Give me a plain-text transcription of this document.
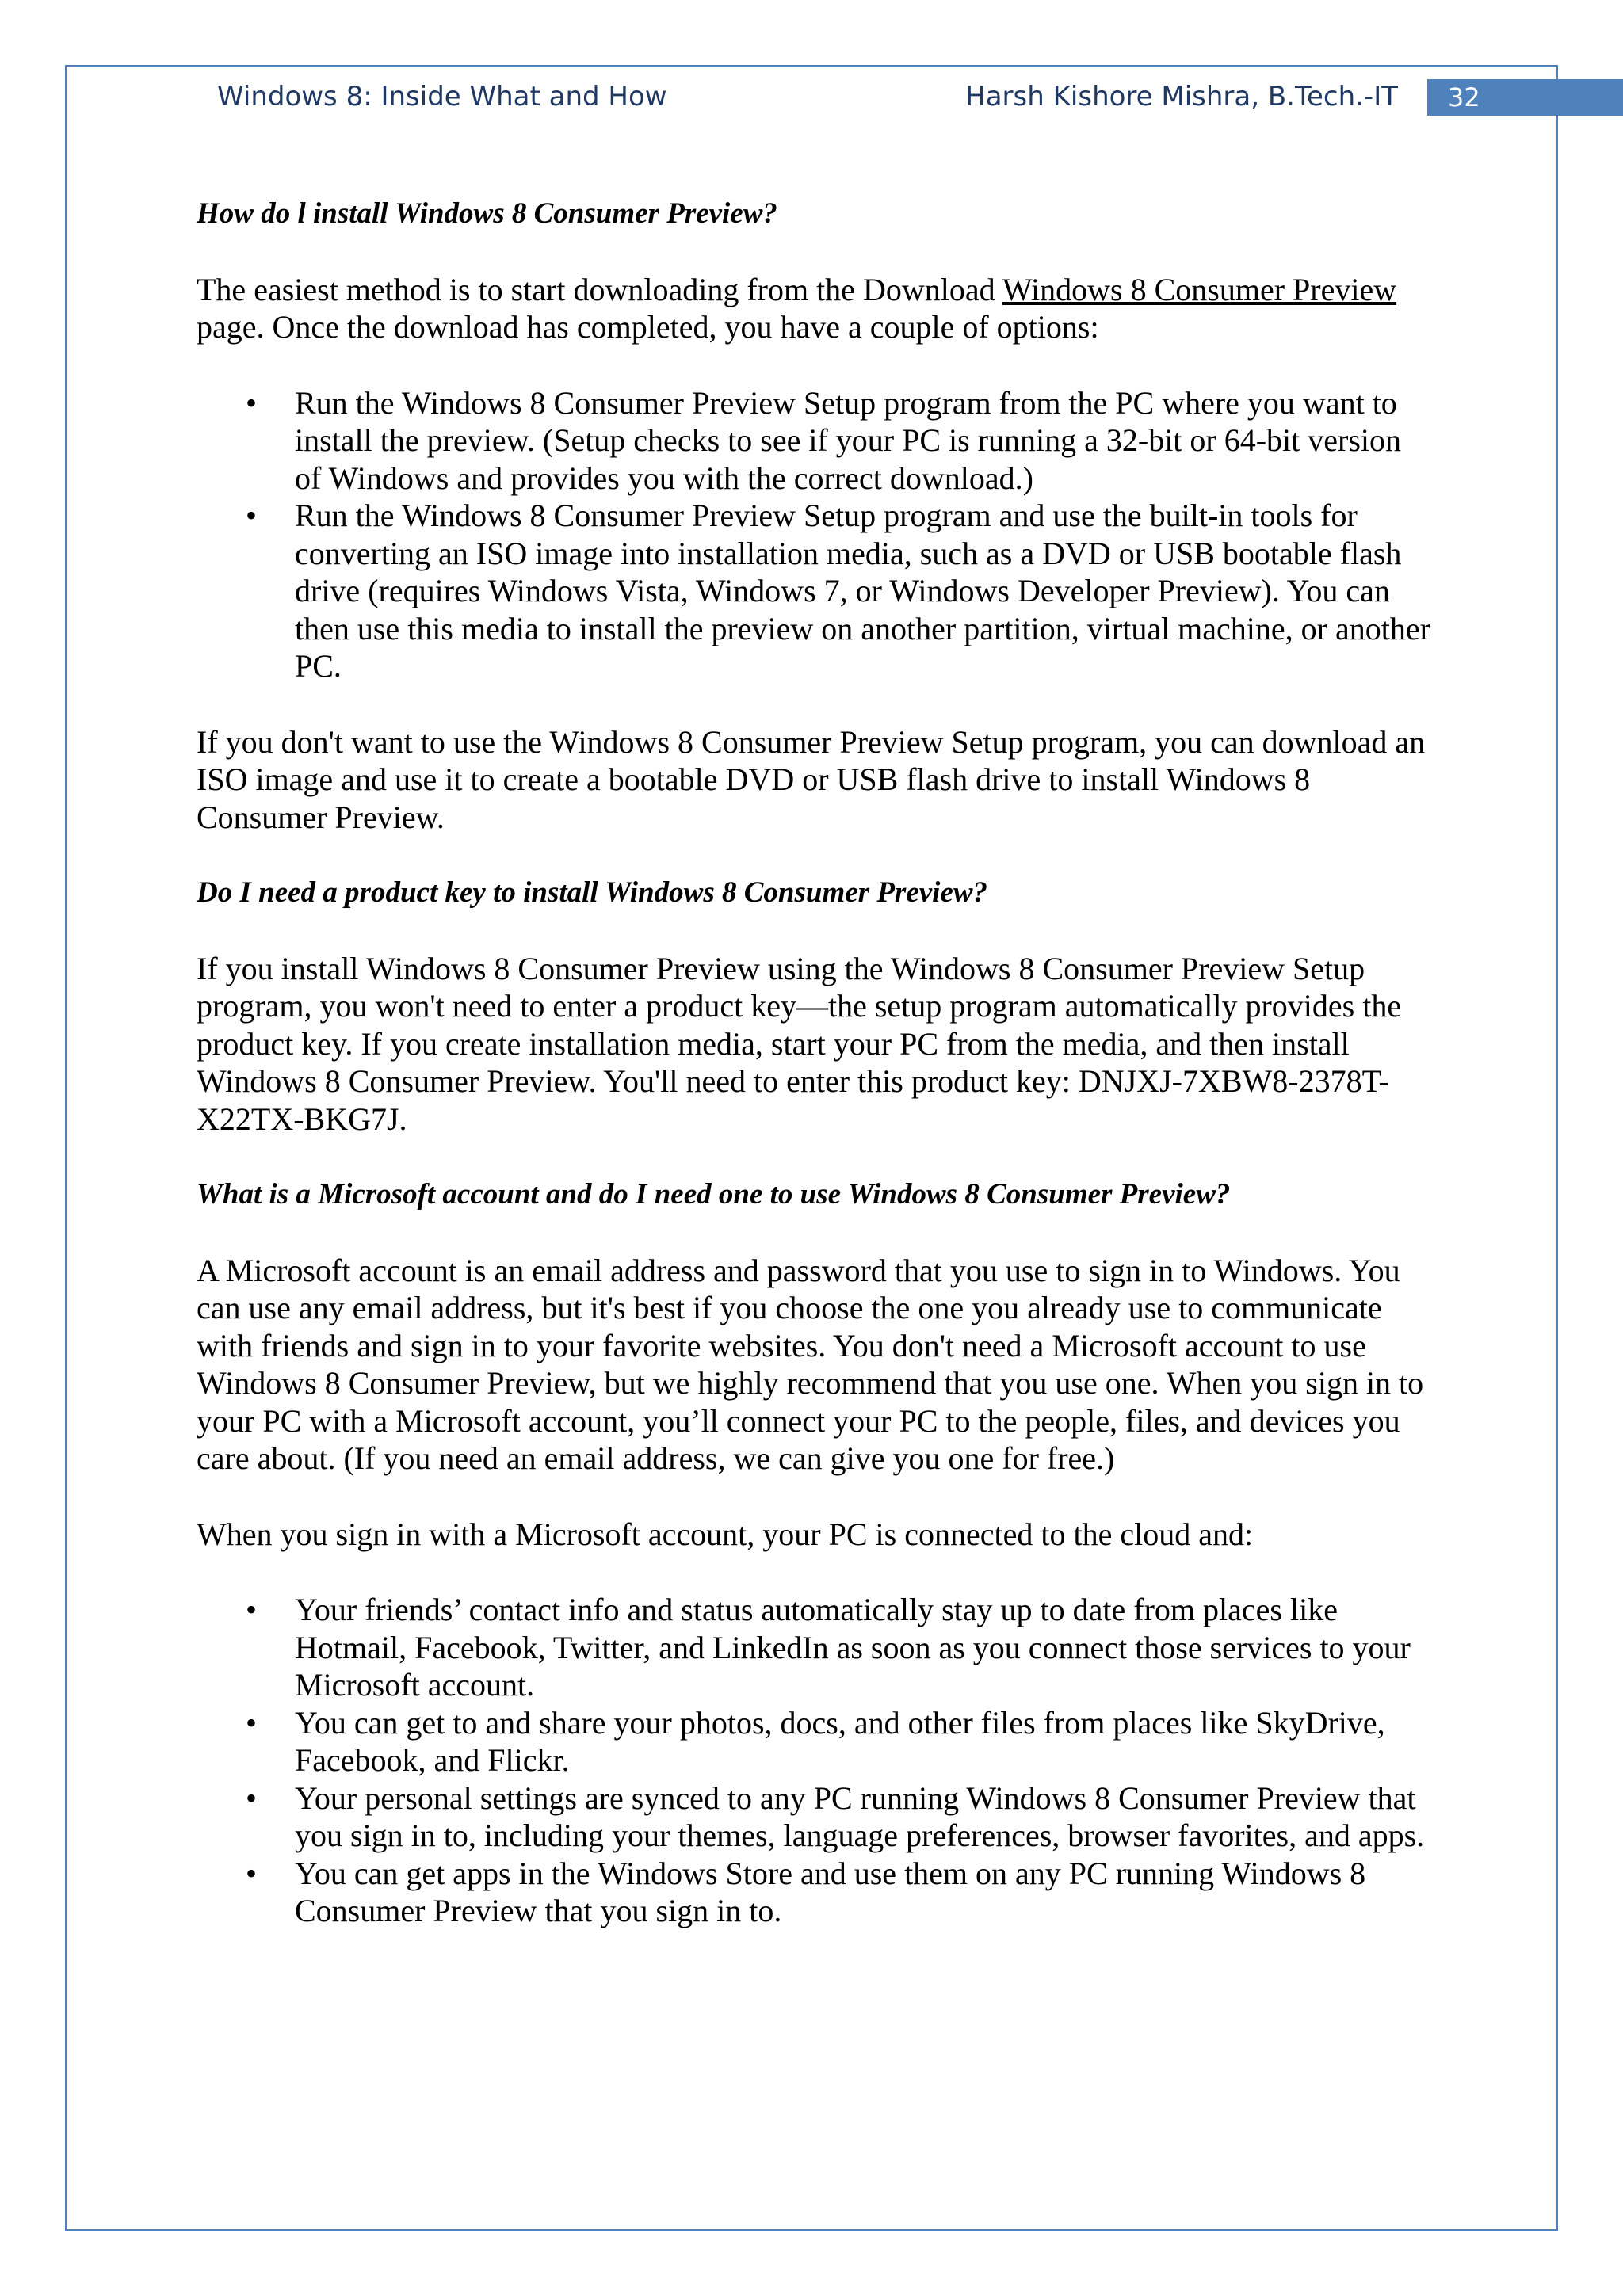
Windows 8: Inside What and How	Harsh Kishore Mishra, B.Tech.-IT	32
How do l install Windows 8 Consumer Preview?

The easiest method is to start downloading from the Download Windows 8 Consumer Preview page. Once the download has completed, you have a couple of options:

• Run the Windows 8 Consumer Preview Setup program from the PC where you want to install the preview. (Setup checks to see if your PC is running a 32-bit or 64-bit version of Windows and provides you with the correct download.)
• Run the Windows 8 Consumer Preview Setup program and use the built-in tools for converting an ISO image into installation media, such as a DVD or USB bootable flash drive (requires Windows Vista, Windows 7, or Windows Developer Preview). You can then use this media to install the preview on another partition, virtual machine, or another PC.

If you don't want to use the Windows 8 Consumer Preview Setup program, you can download an ISO image and use it to create a bootable DVD or USB flash drive to install Windows 8 Consumer Preview.

Do I need a product key to install Windows 8 Consumer Preview?

If you install Windows 8 Consumer Preview using the Windows 8 Consumer Preview Setup program, you won't need to enter a product key—the setup program automatically provides the product key. If you create installation media, start your PC from the media, and then install Windows 8 Consumer Preview. You'll need to enter this product key: DNJXJ-7XBW8-2378T-X22TX-BKG7J.

What is a Microsoft account and do I need one to use Windows 8 Consumer Preview?

A Microsoft account is an email address and password that you use to sign in to Windows. You can use any email address, but it's best if you choose the one you already use to communicate with friends and sign in to your favorite websites. You don't need a Microsoft account to use Windows 8 Consumer Preview, but we highly recommend that you use one. When you sign in to your PC with a Microsoft account, you’ll connect your PC to the people, files, and devices you care about. (If you need an email address, we can give you one for free.)

When you sign in with a Microsoft account, your PC is connected to the cloud and:

• Your friends’ contact info and status automatically stay up to date from places like Hotmail, Facebook, Twitter, and LinkedIn as soon as you connect those services to your Microsoft account.
• You can get to and share your photos, docs, and other files from places like SkyDrive, Facebook, and Flickr.
• Your personal settings are synced to any PC running Windows 8 Consumer Preview that you sign in to, including your themes, language preferences, browser favorites, and apps.
• You can get apps in the Windows Store and use them on any PC running Windows 8 Consumer Preview that you sign in to.
